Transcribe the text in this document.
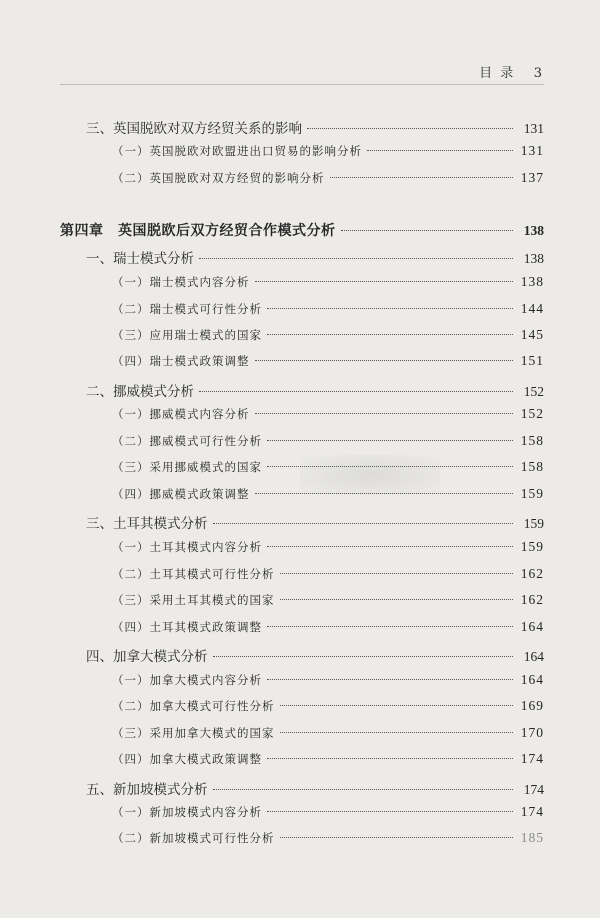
目 录 3
三、英国脱欧对双方经贸关系的影响	131
（一）英国脱欧对欧盟进出口贸易的影响分析	131
（二）英国脱欧对双方经贸的影响分析	137
第四章　英国脱欧后双方经贸合作模式分析	138
一、瑞士模式分析	138
（一）瑞士模式内容分析	138
（二）瑞士模式可行性分析	144
（三）应用瑞士模式的国家	145
（四）瑞士模式政策调整	151
二、挪威模式分析	152
（一）挪威模式内容分析	152
（二）挪威模式可行性分析	158
（三）采用挪威模式的国家	158
（四）挪威模式政策调整	159
三、土耳其模式分析	159
（一）土耳其模式内容分析	159
（二）土耳其模式可行性分析	162
（三）采用土耳其模式的国家	162
（四）土耳其模式政策调整	164
四、加拿大模式分析	164
（一）加拿大模式内容分析	164
（二）加拿大模式可行性分析	169
（三）采用加拿大模式的国家	170
（四）加拿大模式政策调整	174
五、新加坡模式分析	174
（一）新加坡模式内容分析	174
（二）新加坡模式可行性分析	185
